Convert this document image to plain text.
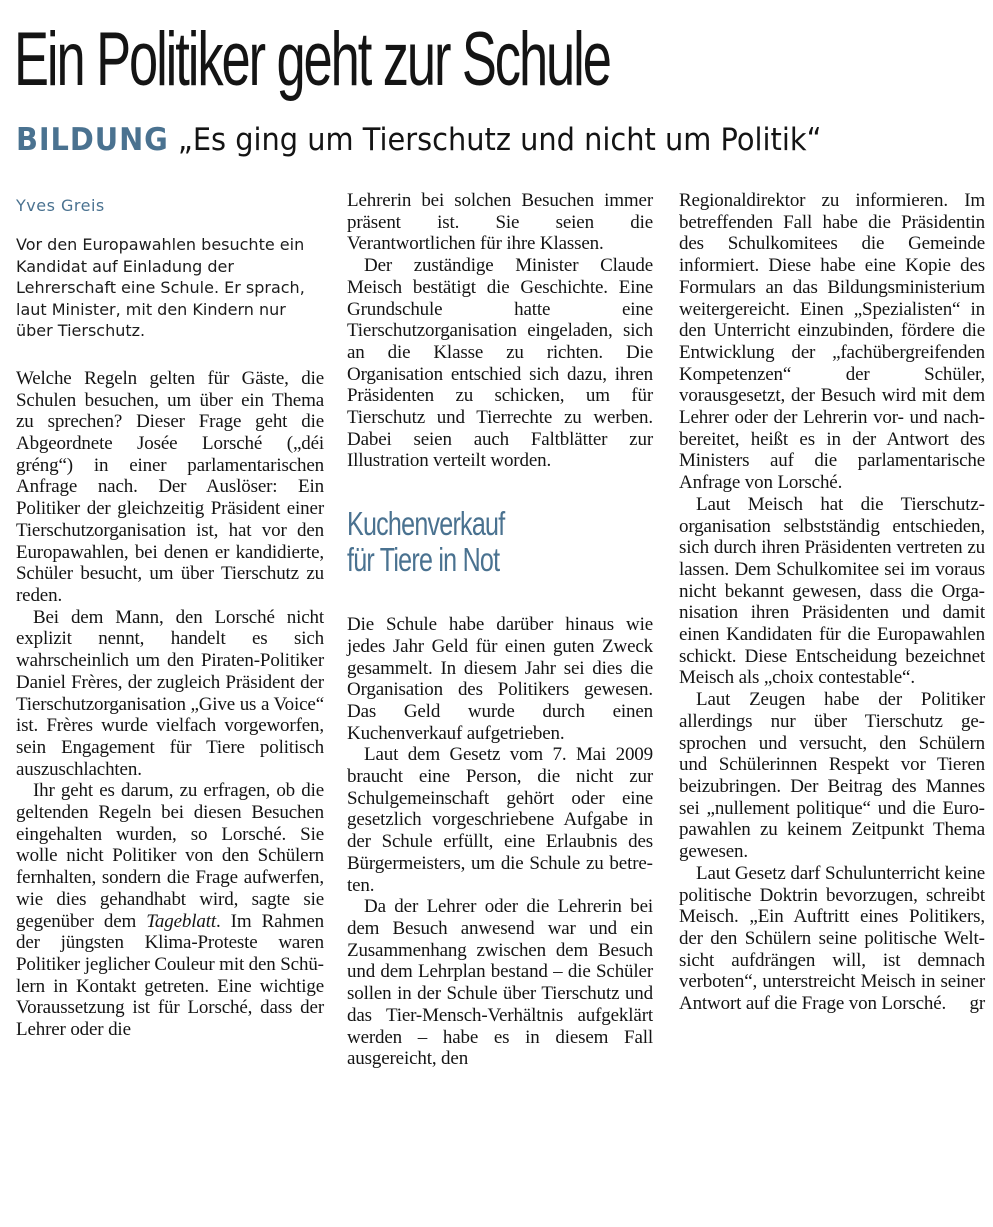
Ein Politiker geht zur Schule
BILDUNG „Es ging um Tierschutz und nicht um Politik“
Yves Greis
Vor den Europawahlen besuchte ein Kandidat auf Einladung der Lehrerschaft eine Schule. Er sprach, laut Minister, mit den Kindern nur über Tierschutz.

Welche Regeln gelten für Gäste, die Schulen besuchen, um über ein Thema zu sprechen? Dieser Frage geht die Abgeordnete Josée Lorsché („déi gréng“) in einer parlamentarischen Anfrage nach. Der Auslöser: Ein Politiker der gleichzeitig Präsident einer Tierschutzorganisation ist, hat vor den Europawahlen, bei denen er kandidierte, Schüler besucht, um über Tierschutz zu reden.

Bei dem Mann, den Lorsché nicht explizit nennt, handelt es sich wahrscheinlich um den Piraten-Politiker Daniel Frères, der zugleich Präsident der Tierschutzorganisation „Give us a Voice“ ist. Frères wurde vielfach vorgeworfen, sein Engagement für Tiere politisch auszuschlachten.

Ihr geht es darum, zu erfragen, ob die geltenden Regeln bei diesen Besuchen eingehalten wurden, so Lorsché. Sie wolle nicht Politiker von den Schülern fernhalten, sondern die Frage aufwerfen, wie dies gehandhabt wird, sagte sie gegenüber dem Tageblatt. Im Rahmen der jüngsten Klima-Proteste waren Politiker jeglicher Couleur mit den Schülern in Kontakt getreten. Eine wichtige Voraussetzung ist für Lorsché, dass der Lehrer oder die

Lehrerin bei solchen Besuchen immer präsent ist. Sie seien die Verantwortlichen für ihre Klassen.

Der zuständige Minister Claude Meisch bestätigt die Geschichte. Eine Grundschule hatte eine Tierschutzorganisation eingeladen, sich an die Klasse zu richten. Die Organisation entschied sich dazu, ihren Präsidenten zu schicken, um für Tierschutz und Tierrechte zu werben. Dabei seien auch Faltblätter zur Illustration verteilt worden.

Kuchenverkauf
für Tiere in Not

Die Schule habe darüber hinaus wie jedes Jahr Geld für einen guten Zweck gesammelt. In diesem Jahr sei dies die Organisation des Politikers gewesen. Das Geld wurde durch einen Kuchenverkauf aufgetrieben.

Laut dem Gesetz vom 7. Mai 2009 braucht eine Person, die nicht zur Schulgemeinschaft gehört oder eine gesetzlich vorgeschriebene Aufgabe in der Schule erfüllt, eine Erlaubnis des Bürgermeisters, um die Schule zu betreten.

Da der Lehrer oder die Lehrerin bei dem Besuch anwesend war und ein Zusammenhang zwischen dem Besuch und dem Lehrplan bestand – die Schüler sollen in der Schule über Tierschutz und das Tier-Mensch-Verhältnis aufgeklärt werden – habe es in diesem Fall ausgereicht, den

Regionaldirektor zu informieren. Im betreffenden Fall habe die Präsidentin des Schulkomitees die Gemeinde informiert. Diese habe eine Kopie des Formulars an das Bildungsministerium weitergereicht. Einen „Spezialisten“ in den Unterricht einzubinden, fördere die Entwicklung der „fachübergreifenden Kompetenzen“ der Schüler, vorausgesetzt, der Besuch wird mit dem Lehrer oder der Lehrerin vor- und nachbereitet, heißt es in der Antwort des Ministers auf die parlamentarische Anfrage von Lorsché.

Laut Meisch hat die Tierschutzorganisation selbstständig entschieden, sich durch ihren Präsidenten vertreten zu lassen. Dem Schulkomitee sei im voraus nicht bekannt gewesen, dass die Organisation ihren Präsidenten und damit einen Kandidaten für die Europawahlen schickt. Diese Entscheidung bezeichnet Meisch als „choix contestable“.

Laut Zeugen habe der Politiker allerdings nur über Tierschutz gesprochen und versucht, den Schülern und Schülerinnen Respekt vor Tieren beizubringen. Der Beitrag des Mannes sei „nullement politique“ und die Europawahlen zu keinem Zeitpunkt Thema gewesen.

Laut Gesetz darf Schulunterricht keine politische Doktrin bevorzugen, schreibt Meisch. „Ein Auftritt eines Politikers, der den Schülern seine politische Weltsicht aufdrängen will, ist demnach verboten“, unterstreicht Meisch in seiner Antwort auf die Frage von Lorsché.	gr
